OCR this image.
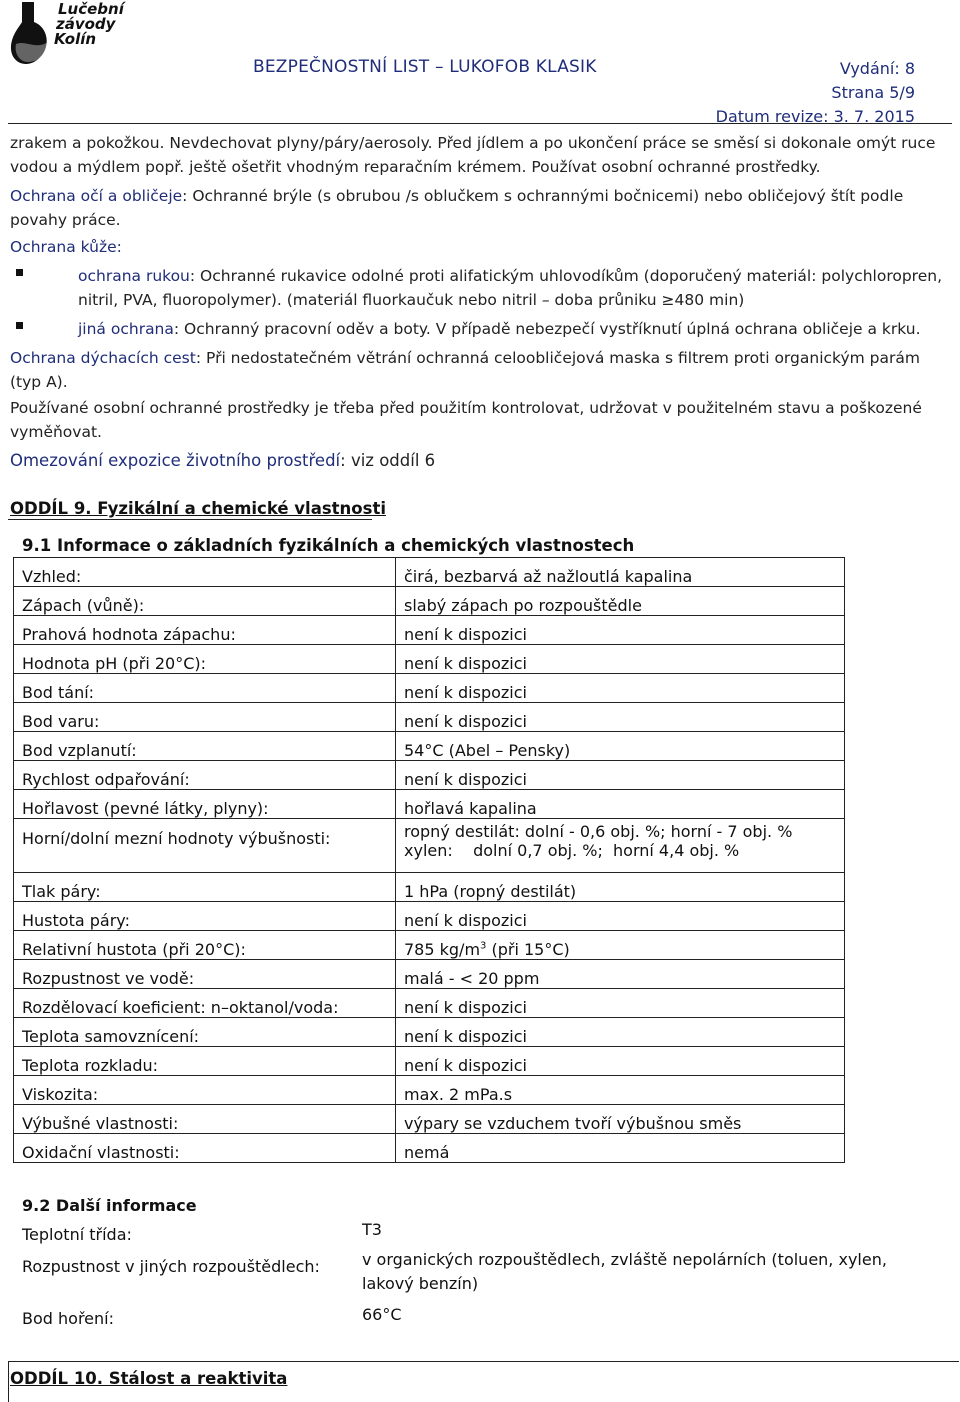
Lučební
závody
Kolín
BEZPEČNOSTNÍ LIST – LUKOFOB KLASIK	Vydání: 8
Strana 5/9
Datum revize: 3. 7. 2015
zrakem a pokožkou. Nevdechovat plyny/páry/aerosoly. Před jídlem a po ukončení práce se směsí si dokonale omýt ruce vodou a mýdlem popř. ještě ošetřit vhodným reparačním krémem. Používat osobní ochranné prostředky.
Ochrana očí a obličeje: Ochranné brýle (s obrubou /s oblučkem s ochrannými bočnicemi) nebo obličejový štít podle povahy práce.
Ochrana kůže:
ochrana rukou: Ochranné rukavice odolné proti alifatickým uhlovodíkům (doporučený materiál: polychloropren, nitril, PVA, fluoropolymer). (materiál fluorkaučuk nebo nitril – doba průniku ≥480 min)
jiná ochrana: Ochranný pracovní oděv a boty. V případě nebezpečí vystříknutí úplná ochrana obličeje a krku.
Ochrana dýchacích cest: Při nedostatečném větrání ochranná celoobličejová maska s filtrem proti organickým parám (typ A).
Používané osobní ochranné prostředky je třeba před použitím kontrolovat, udržovat v použitelném stavu a poškozené vyměňovat.
Omezování expozice životního prostředí: viz oddíl 6
ODDÍL 9. Fyzikální a chemické vlastnosti
9.1 Informace o základních fyzikálních a chemických vlastnostech
Vzhled:	čirá, bezbarvá až nažloutlá kapalina
Zápach (vůně):	slabý zápach po rozpouštědle
Prahová hodnota zápachu:	není k dispozici
Hodnota pH (při 20°C):	není k dispozici
Bod tání:	není k dispozici
Bod varu:	není k dispozici
Bod vzplanutí:	54°C (Abel – Pensky)
Rychlost odpařování:	není k dispozici
Hořlavost (pevné látky, plyny):	hořlavá kapalina
Horní/dolní mezní hodnoty výbušnosti:	ropný destilát: dolní - 0,6 obj. %; horní - 7 obj. %
xylen:    dolní 0,7 obj. %;  horní 4,4 obj. %

Tlak páry:	1 hPa (ropný destilát)
Hustota páry:	není k dispozici
Relativní hustota (při 20°C):	785 $kg/m^3$ (při 15°C)
Rozpustnost ve vodě:	malá - < 20 ppm
Rozdělovací koeficient: n–oktanol/voda:	není k dispozici
Teplota samovznícení:	není k dispozici
Teplota rozkladu:	není k dispozici
Viskozita:	max. 2 mPa.s
Výbušné vlastnosti:	výpary se vzduchem tvoří výbušnou směs
Oxidační vlastnosti:	nemá
9.2 Další informace
Teplotní třída:	T3
Rozpustnost v jiných rozpouštědlech:	v organických rozpouštědlech, zvláště nepolárních (toluen, xylen, lakový benzín)
Bod hoření:	66°C
ODDÍL 10. Stálost a reaktivita
